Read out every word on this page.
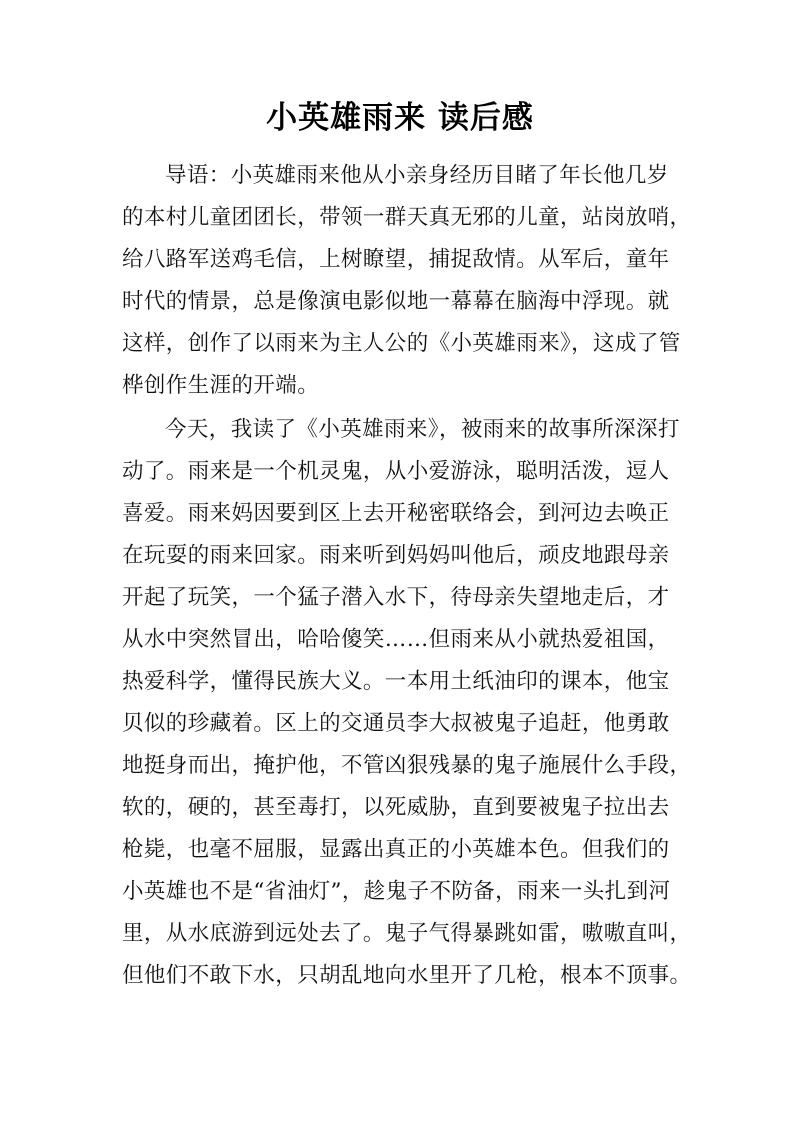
小英雄雨来 读后感
导语：小英雄雨来他从小亲身经历目睹了年长他几岁
的本村儿童团团长，带领一群天真无邪的儿童，站岗放哨，
给八路军送鸡毛信，上树瞭望，捕捉敌情。从军后，童年
时代的情景，总是像演电影似地一幕幕在脑海中浮现。就
这样，创作了以雨来为主人公的《小英雄雨来》，这成了管
桦创作生涯的开端。
今天，我读了《小英雄雨来》，被雨来的故事所深深打
动了。雨来是一个机灵鬼，从小爱游泳，聪明活泼，逗人
喜爱。雨来妈因要到区上去开秘密联络会，到河边去唤正
在玩耍的雨来回家。雨来听到妈妈叫他后，顽皮地跟母亲
开起了玩笑，一个猛子潜入水下，待母亲失望地走后，才
从水中突然冒出，哈哈傻笑……但雨来从小就热爱祖国，
热爱科学，懂得民族大义。一本用土纸油印的课本，他宝
贝似的珍藏着。区上的交通员李大叔被鬼子追赶，他勇敢
地挺身而出，掩护他，不管凶狠残暴的鬼子施展什么手段，
软的，硬的，甚至毒打，以死威胁，直到要被鬼子拉出去
枪毙，也毫不屈服，显露出真正的小英雄本色。但我们的
小英雄也不是“省油灯”，趁鬼子不防备，雨来一头扎到河
里，从水底游到远处去了。鬼子气得暴跳如雷，嗷嗷直叫，
但他们不敢下水，只胡乱地向水里开了几枪，根本不顶事。
